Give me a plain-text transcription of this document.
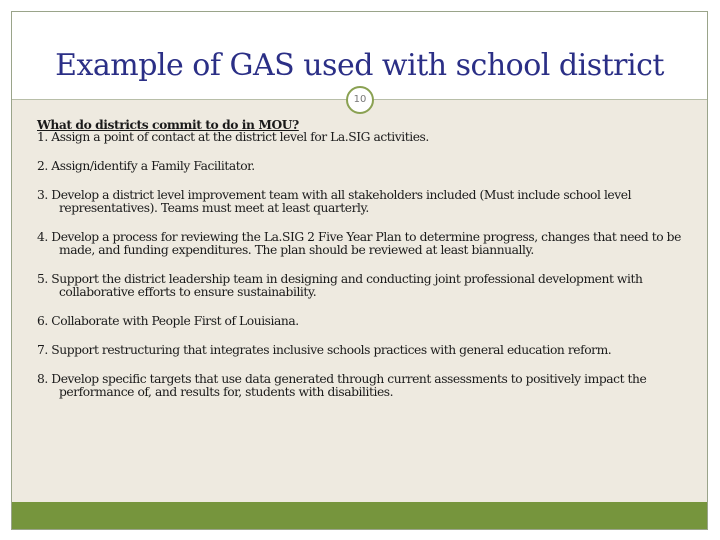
Example of GAS used with school district
10
What do districts commit to do in MOU?
1. Assign a point of contact at the district level for La.SIG activities.
2. Assign/identify a Family Facilitator.
3. Develop a district level improvement team with all stakeholders included (Must include school level representatives). Teams must meet at least quarterly.
4. Develop a process for reviewing the La.SIG 2 Five Year Plan to determine progress, changes that need to be made, and funding expenditures. The plan should be reviewed at least biannually.
5. Support the district leadership team in designing and conducting joint professional development with collaborative efforts to ensure sustainability.
6. Collaborate with People First of Louisiana.
7. Support restructuring that integrates inclusive schools practices with general education reform.
8. Develop specific targets that use data generated through current assessments to positively impact the performance of, and results for, students with disabilities.
